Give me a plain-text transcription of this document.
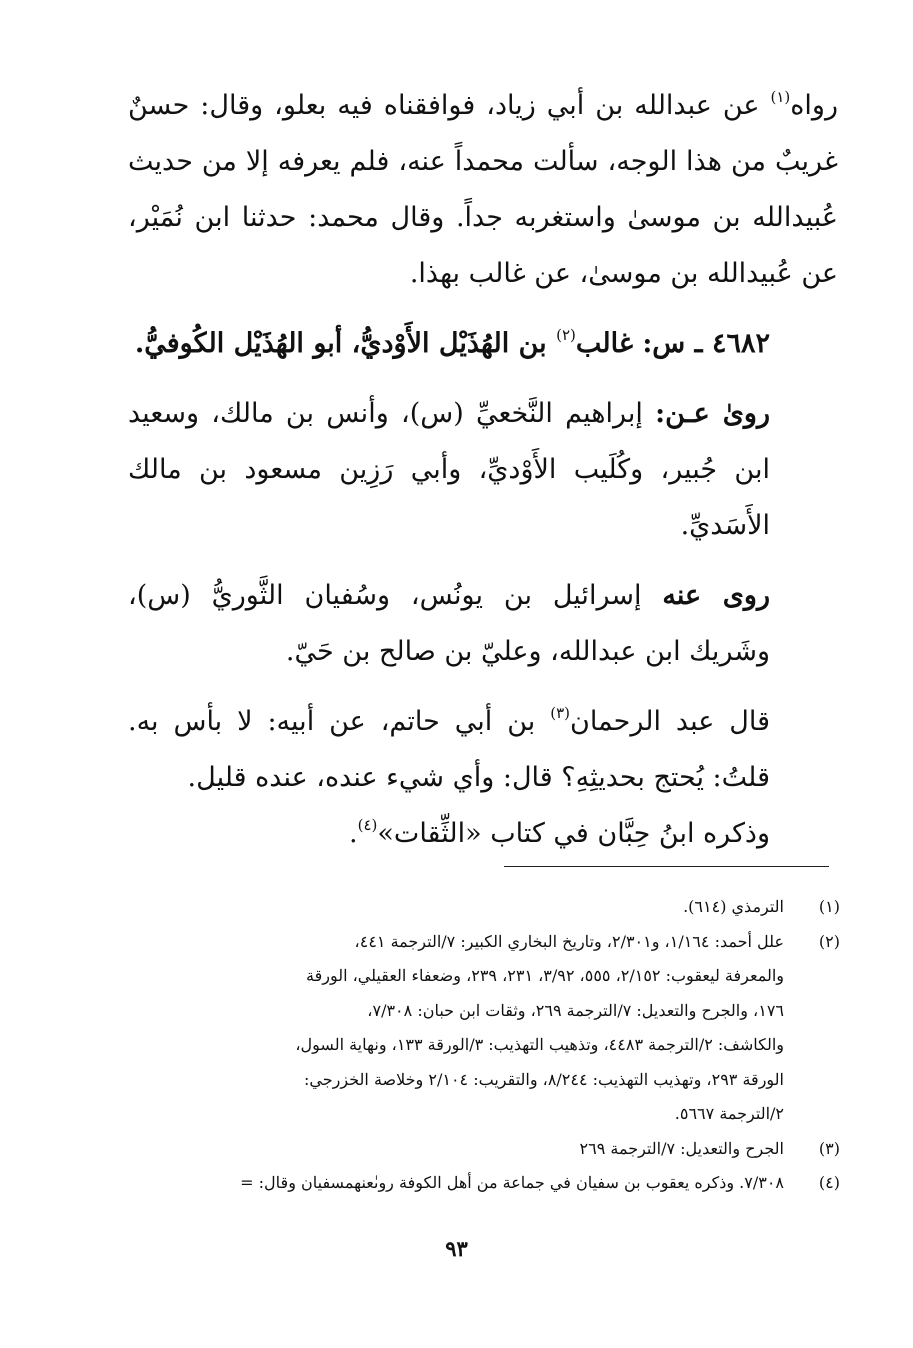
رواه$^{(١)}$ عن عبدالله بن أبي زياد، فوافقناه فيه بعلو، وقال: حسنٌ غريبٌ من هذا الوجه، سألت محمداً عنه، فلم يعرفه إلا من حديث عُبيدالله بن موسىٰ واستغربه جداً. وقال محمد: حدثنا ابن نُمَيْر، عن عُبيدالله بن موسىٰ، عن غالب بهذا.

٤٦٨٢ ـ س: غالب$^{(٢)}$ بن الهُذَيْل الأَوْديُّ، أبو الهُذَيْل الكُوفيُّ.

روىٰ عـن: إبراهيم النَّخعيِّ (س)، وأنس بن مالك، وسعيد ابن جُبير، وكُلَيب الأَوْديِّ، وأبي رَزِين مسعود بن مالك الأَسَديِّ.

روى عنه إسرائيل بن يونُس، وسُفيان الثَّوريُّ (س)، وشَريك ابن عبدالله، وعليّ بن صالح بن حَيّ.

قال عبد الرحمان$^{(٣)}$ بن أبي حاتم، عن أبيه: لا بأس به. قلتُ: يُحتج بحديثِهِ؟ قال: وأي شيء عنده، عنده قليل.

وذكره ابنُ حِبَّان في كتاب «الثِّقات»$^{(٤)}$.

(١)
الترمذي (٦١٤).
(٢)
علل أحمد: ١/١٦٤، و٢/٣٠١، وتاريخ البخاري الكبير: ٧/الترجمة ٤٤١،
والمعرفة ليعقوب: ٢/١٥٢، ٥٥٥، ٣/٩٢، ٢٣١، ٢٣٩، وضعفاء العقيلي، الورقة
١٧٦، والجرح والتعديل: ٧/الترجمة ٢٦٩، وثقات ابن حبان: ٧/٣٠٨،
والكاشف: ٢/الترجمة ٤٤٨٣، وتذهيب التهذيب: ٣/الورقة ١٣٣، ونهاية السول،
الورقة ٢٩٣، وتهذيب التهذيب: ٨/٢٤٤، والتقريب: ٢/١٠٤ وخلاصة الخزرجي:
٢/الترجمة ٥٦٦٧.
(٣)
الجرح والتعديل: ٧/الترجمة ٢٦٩
(٤)
٧/٣٠٨. وذكره يعقوب بن سفيان في جماعة من أهل الكوفة روىٰعنهمسفيان وقال: =
٩٣
